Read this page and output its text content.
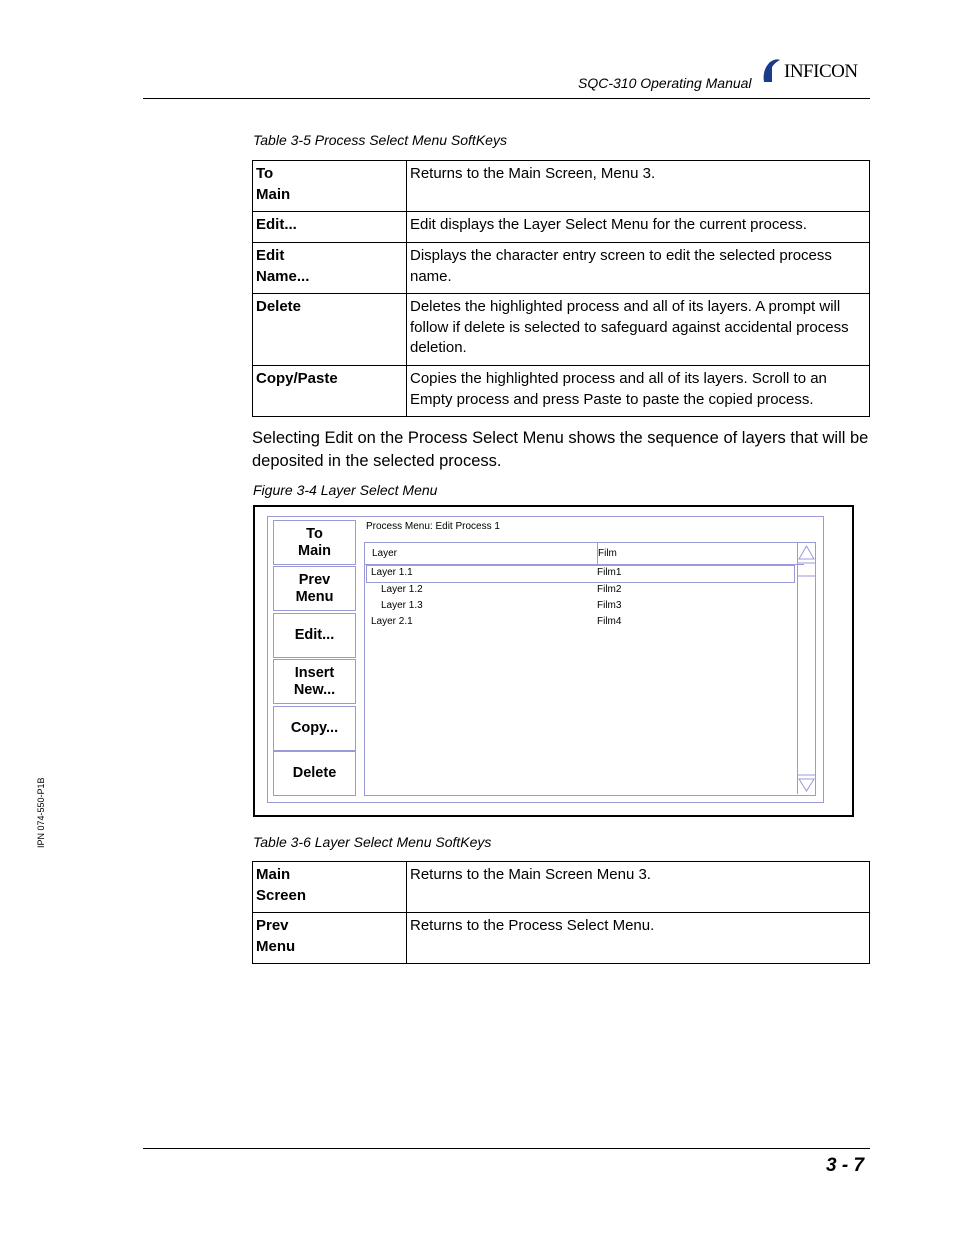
SQC-310 Operating Manual
INFICON
Table 3-5 Process Select Menu SoftKeys
To
Main	Returns to the Main Screen, Menu 3.
Edit...	Edit displays the Layer Select Menu for the current process.

Edit
Name...	Displays the character entry screen to edit the selected process name.
Delete	Deletes the highlighted process and all of its layers. A prompt will follow if delete is selected to safeguard against accidental process deletion.
Copy/Paste	Copies the highlighted process and all of its layers. Scroll to an Empty process and press Paste to paste the copied process.
Selecting Edit on the Process Select Menu shows the sequence of layers that will be deposited in the selected process.
Figure 3-4 Layer Select Menu
To
Main
Prev
Menu
Edit...
Insert
New...
Copy...
Delete
Process Menu: Edit Process 1
Layer	Film
Layer 1.1	Film1
Layer 1.2	Film2
Layer 1.3	Film3
Layer 2.1	Film4
Table 3-6 Layer Select Menu SoftKeys
Main
Screen	Returns to the Main Screen Menu 3.

Prev
Menu	Returns to the Process Select Menu.
IPN 074-550-P1B
3 - 7
